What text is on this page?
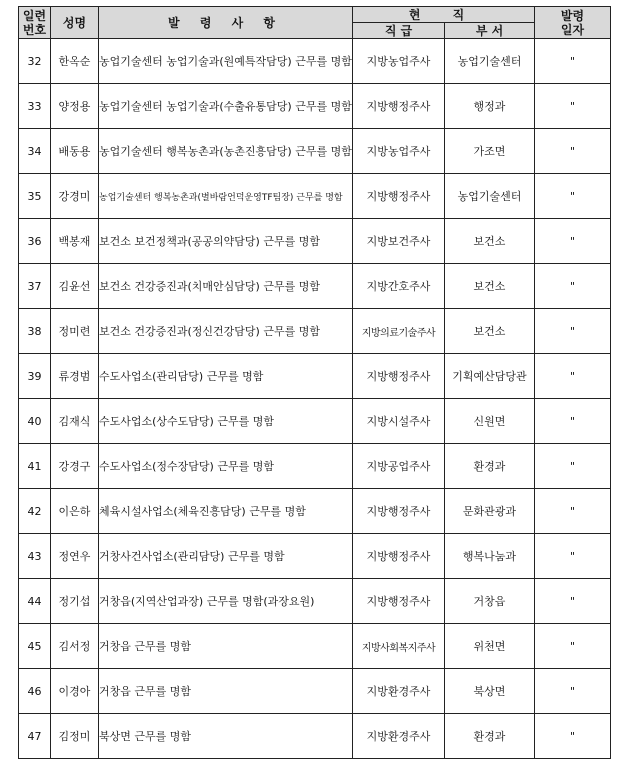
일련
번호	성명	발 령 사 항	현 직		발령
일자

			직 급	부 서	
32	한옥순	농업기술센터 농업기술과(원예특작담당) 근무를 명함	지방농업주사	농업기술센터	"
33	양정용	농업기술센터 농업기술과(수출유통담당) 근무를 명함	지방행정주사	행정과	"
34	배동용	농업기술센터 행복농촌과(농촌진흥담당) 근무를 명함	지방농업주사	가조면	"
35	강경미	농업기술센터 행복농촌과(별바람언덕운영TF팀장) 근무를 명함	지방행정주사	농업기술센터	"
36	백봉재	보건소 보건정책과(공공의약담당) 근무를 명함	지방보건주사	보건소	"
37	김윤선	보건소 건강증진과(치매안심담당) 근무를 명함	지방간호주사	보건소	"
38	정미련	보건소 건강증진과(정신건강담당) 근무를 명함	지방의료기술주사	보건소	"
39	류경범	수도사업소(관리담당) 근무를 명함	지방행정주사	기획예산담당관	"
40	김재식	수도사업소(상수도담당) 근무를 명함	지방시설주사	신원면	"
41	강경구	수도사업소(정수장담당) 근무를 명함	지방공업주사	환경과	"
42	이은하	체육시설사업소(체육진흥담당) 근무를 명함	지방행정주사	문화관광과	"
43	정연우	거창사건사업소(관리담당) 근무를 명함	지방행정주사	행복나눔과	"
44	정기섭	거창읍(지역산업과장) 근무를 명함(과장요원)	지방행정주사	거창읍	"
45	김서정	거창읍 근무를 명함	지방사회복지주사	위천면	"
46	이경아	거창읍 근무를 명함	지방환경주사	북상면	"
47	김정미	북상면 근무를 명함	지방환경주사	환경과	"
